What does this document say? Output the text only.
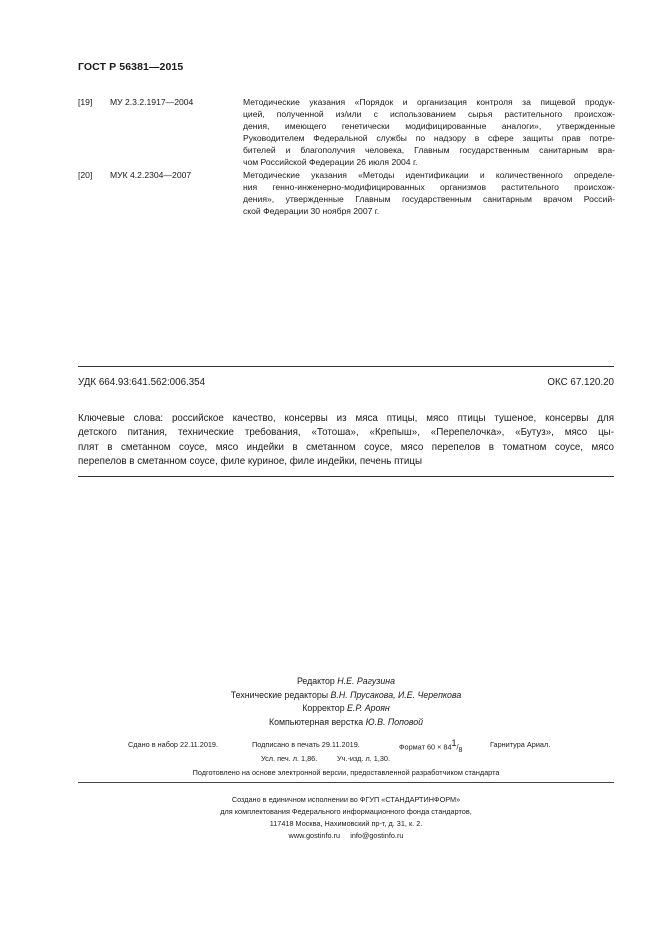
ГОСТ Р 56381—2015
[19] МУ 2.3.2.1917—2004	Методические указания «Порядок и организация контроля за пищевой продук-
цией, полученной из/или с использованием сырья растительного происхож-
дения, имеющего генетически модифицированные аналоги», утвержденные
Руководителем Федеральной службы по надзору в сфере защиты прав потре-
бителей и благополучия человека, Главным государственным санитарным вра-
чом Российской Федерации 26 июля 2004 г.
[20] МУК 4.2.2304—2007	Методические указания «Методы идентификации и количественного определе-
ния генно-инженерно-модифицированных организмов растительного происхож-
дения», утвержденные Главным государственным санитарным врачом Россий-
ской Федерации 30 ноября 2007 г.
УДК 664.93:641.562:006.354	ОКС 67.120.20
Ключевые слова: российское качество, консервы из мяса птицы, мясо птицы тушеное, консервы для
детского питания, технические требования, «Тотоша», «Крепыш», «Перепелочка», «Бутуз», мясо цы-
плят в сметанном соусе, мясо индейки в сметанном соусе, мясо перепелов в томатном соусе, мясо
перепелов в сметанном соусе, филе куриное, филе индейки, печень птицы
Редактор Н.Е. Рагузина
Технические редакторы В.Н. Прусакова, И.Е. Черепкова
Корректор Е.Р. Ароян
Компьютерная верстка Ю.В. Поповой
Сдано в набор 22.11.2019.	Подписано в печать 29.11.2019.	Формат $60 \times 84^1/_8$
Гарнитура Ариал.
Усл. печ. л. 1,86.	Уч.-изд. л. 1,30.
Подготовлено на основе электронной версии, предоставленной разработчиком стандарта
Создано в единичном исполнении во ФГУП «СТАНДАРТИНФОРМ»
для комплектования Федерального информационного фонда стандартов,
117418 Москва, Нахимовский пр-т, д. 31, к. 2.
www.gostinfo.ru info@gostinfo.ru
